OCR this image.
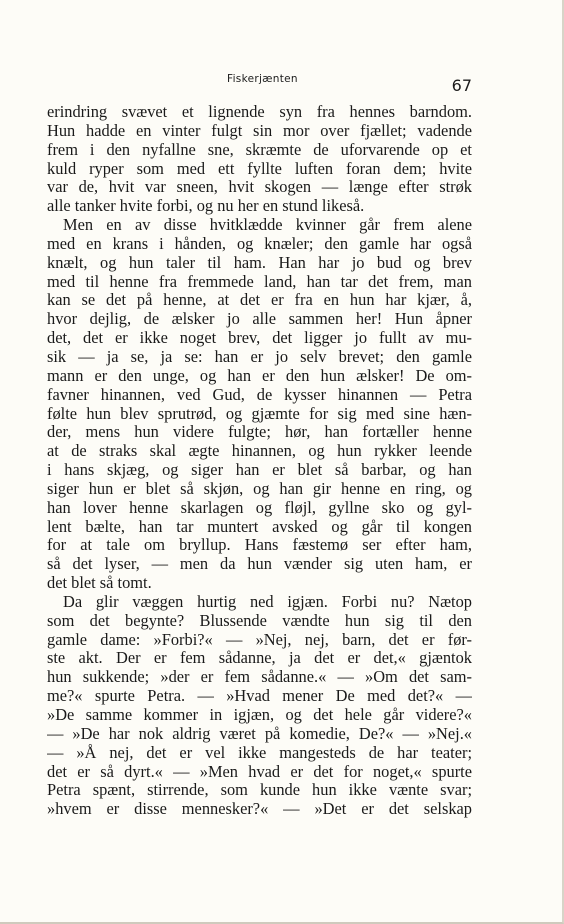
Fiskerjænten	67
erindring svævet et lignende syn fra hennes barndom.
Hun hadde en vinter fulgt sin mor over fjællet; vadende
frem i den nyfallne sne, skræmte de uforvarende op et
kuld ryper som med ett fyllte luften foran dem; hvite
var de, hvit var sneen, hvit skogen — længe efter strøk
alle tanker hvite forbi, og nu her en stund likeså.
Men en av disse hvitklædde kvinner går frem alene
med en krans i hånden, og knæler; den gamle har også
knælt, og hun taler til ham. Han har jo bud og brev
med til henne fra fremmede land, han tar det frem, man
kan se det på henne, at det er fra en hun har kjær, å,
hvor dejlig, de ælsker jo alle sammen her! Hun åpner
det, det er ikke noget brev, det ligger jo fullt av mu-
sik — ja se, ja se: han er jo selv brevet; den gamle
mann er den unge, og han er den hun ælsker! De om-
favner hinannen, ved Gud, de kysser hinannen — Petra
følte hun blev sprutrød, og gjæmte for sig med sine hæn-
der, mens hun videre fulgte; hør, han fortæller henne
at de straks skal ægte hinannen, og hun rykker leende
i hans skjæg, og siger han er blet så barbar, og han
siger hun er blet så skjøn, og han gir henne en ring, og
han lover henne skarlagen og fløjl, gyllne sko og gyl-
lent bælte, han tar muntert avsked og går til kongen
for at tale om bryllup. Hans fæstemø ser efter ham,
så det lyser, — men da hun vænder sig uten ham, er
det blet så tomt.
Da glir væggen hurtig ned igjæn. Forbi nu? Nætop
som det begynte? Blussende vændte hun sig til den
gamle dame: »Forbi?« — »Nej, nej, barn, det er før-
ste akt. Der er fem sådanne, ja det er det,« gjæntok
hun sukkende; »der er fem sådanne.« — »Om det sam-
me?« spurte Petra. — »Hvad mener De med det?« —
»De samme kommer in igjæn, og det hele går videre?«
— »De har nok aldrig været på komedie, De?« — »Nej.«
— »Å nej, det er vel ikke mangesteds de har teater;
det er så dyrt.« — »Men hvad er det for noget,« spurte
Petra spænt, stirrende, som kunde hun ikke vænte svar;
»hvem er disse mennesker?« — »Det er det selskap
